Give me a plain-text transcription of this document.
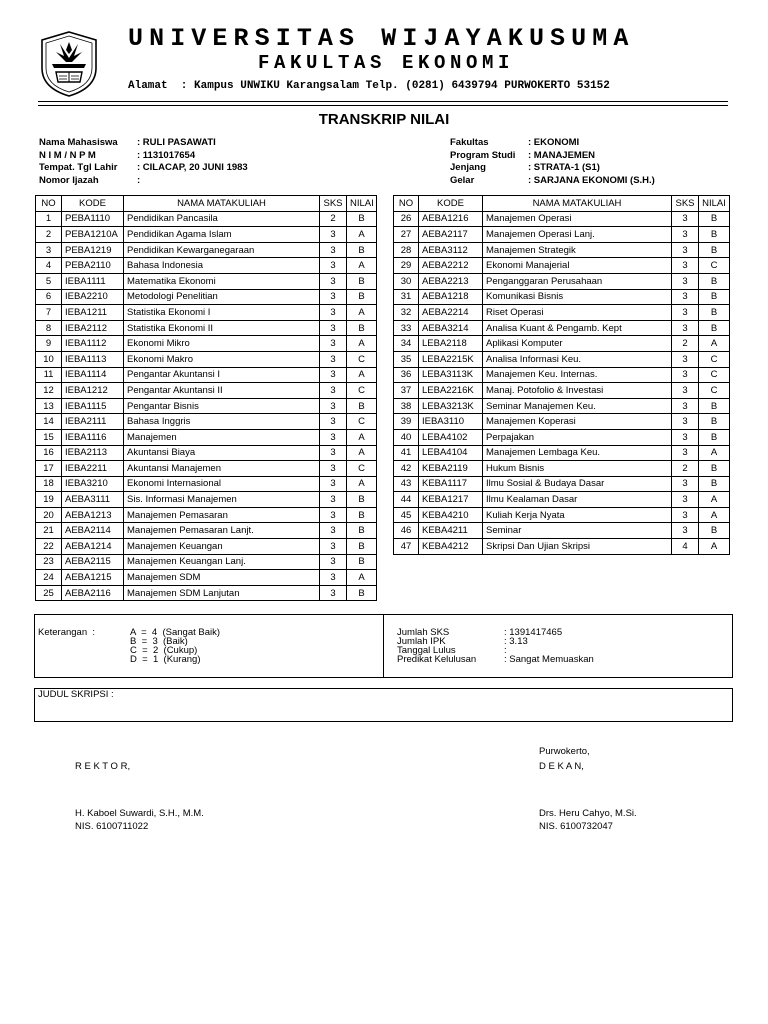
UNIVERSITAS WIJAYAKUSUMA
FAKULTAS EKONOMI
Alamat  : Kampus UNWIKU Karangsalam Telp. (0281) 6439794 PURWOKERTO 53152
TRANSKRIP NILAI
Nama Mahasiswa	: RULI PASAWATI
N I M / N P M	: 1131017654
Tempat. Tgl Lahir	: CILACAP, 20 JUNI 1983
Nomor Ijazah	:
Fakultas	: EKONOMI
Program Studi	: MANAJEMEN
Jenjang	: STRATA-1 (S1)
Gelar	: SARJANA EKONOMI (S.H.)
NO	KODE	NAMA MATAKULIAH	SKS	NILAI
1	PEBA1110	Pendidikan Pancasila	2	B
2	PEBA1210A	Pendidikan Agama Islam	3	A
3	PEBA1219	Pendidikan Kewarganegaraan	3	B
4	PEBA2110	Bahasa Indonesia	3	A
5	IEBA1111	Matematika Ekonomi	3	B
6	IEBA2210	Metodologi Penelitian	3	B
7	IEBA1211	Statistika Ekonomi I	3	A
8	IEBA2112	Statistika Ekonomi II	3	B
9	IEBA1112	Ekonomi Mikro	3	A
10	IEBA1113	Ekonomi Makro	3	C
11	IEBA1114	Pengantar Akuntansi I	3	A
12	IEBA1212	Pengantar Akuntansi II	3	C
13	IEBA1115	Pengantar Bisnis	3	B
14	IEBA2111	Bahasa Inggris	3	C
15	IEBA1116	Manajemen	3	A
16	IEBA2113	Akuntansi Biaya	3	A
17	IEBA2211	Akuntansi Manajemen	3	C
18	IEBA3210	Ekonomi Internasional	3	A
19	AEBA3111	Sis. Informasi Manajemen	3	B
20	AEBA1213	Manajemen Pemasaran	3	B
21	AEBA2114	Manajemen Pemasaran Lanjt.	3	B
22	AEBA1214	Manajemen Keuangan	3	B
23	AEBA2115	Manajemen Keuangan Lanj.	3	B
24	AEBA1215	Manajemen SDM	3	A
25	AEBA2116	Manajemen SDM Lanjutan	3	B
NO	KODE	NAMA MATAKULIAH	SKS	NILAI
26	AEBA1216	Manajemen Operasi	3	B
27	AEBA2117	Manajemen Operasi Lanj.	3	B
28	AEBA3112	Manajemen Strategik	3	B
29	AEBA2212	Ekonomi Manajerial	3	C
30	AEBA2213	Penganggaran Perusahaan	3	B
31	AEBA1218	Komunikasi Bisnis	3	B
32	AEBA2214	Riset Operasi	3	B
33	AEBA3214	Analisa Kuant & Pengamb. Kept	3	B
34	LEBA2118	Aplikasi Komputer	2	A
35	LEBA2215K	Analisa Informasi Keu.	3	C
36	LEBA3113K	Manajemen Keu. Internas.	3	C
37	LEBA2216K	Manaj. Potofolio & Investasi	3	C
38	LEBA3213K	Seminar Manajemen Keu.	3	B
39	IEBA3110	Manajemen Koperasi	3	B
40	LEBA4102	Perpajakan	3	B
41	LEBA4104	Manajemen Lembaga Keu.	3	A
42	KEBA2119	Hukum Bisnis	2	B
43	KEBA1117	Ilmu Sosial & Budaya Dasar	3	B
44	KEBA1217	Ilmu Kealaman Dasar	3	A
45	KEBA4210	Kuliah Kerja Nyata	3	A
46	KEBA4211	Seminar	3	B
47	KEBA4212	Skripsi Dan Ujian Skripsi	4	A
Keterangan  :	A  =  4  (Sangat Baik)
B  =  3  (Baik)
C  =  2  (Cukup)
D  =  1  (Kurang)
Jumlah SKS	: 1391417465
Jumlah IPK	: 3.13
Tanggal Lulus	:
Predikat Kelulusan	: Sangat Memuaskan
JUDUL SKRIPSI :
Purwokerto,
R E K T O R,	D E K A N,
H. Kaboel Suwardi, S.H., M.M.
NIS. 6100711022
Drs. Heru Cahyo, M.Si.
NIS. 6100732047
